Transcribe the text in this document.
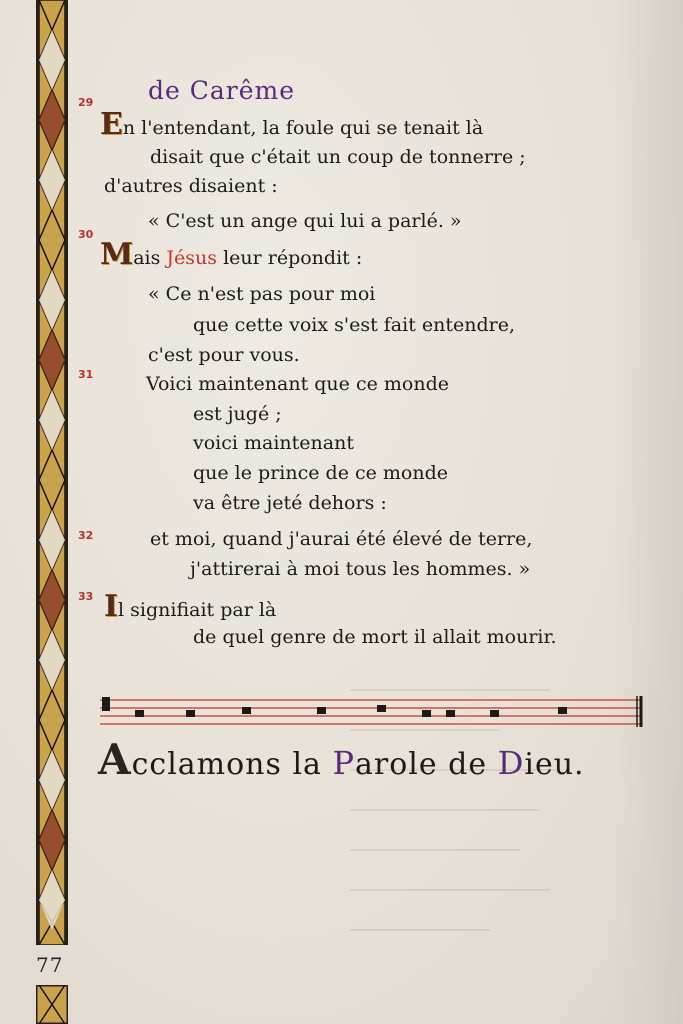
de Carême
29
30
31
32
33
En l'entendant, la foule qui se tenait là
disait que c'était un coup de tonnerre ;
d'autres disaient :
« C'est un ange qui lui a parlé. »
Mais Jésus leur répondit :
« Ce n'est pas pour moi
que cette voix s'est fait entendre,
c'est pour vous.
Voici maintenant que ce monde
est jugé ;
voici maintenant
que le prince de ce monde
va être jeté dehors :
et moi, quand j'aurai été élevé de terre,
j'attirerai à moi tous les hommes. »
Il signifiait par là
de quel genre de mort il allait mourir.
Acclamons la Parole de Dieu.
77
